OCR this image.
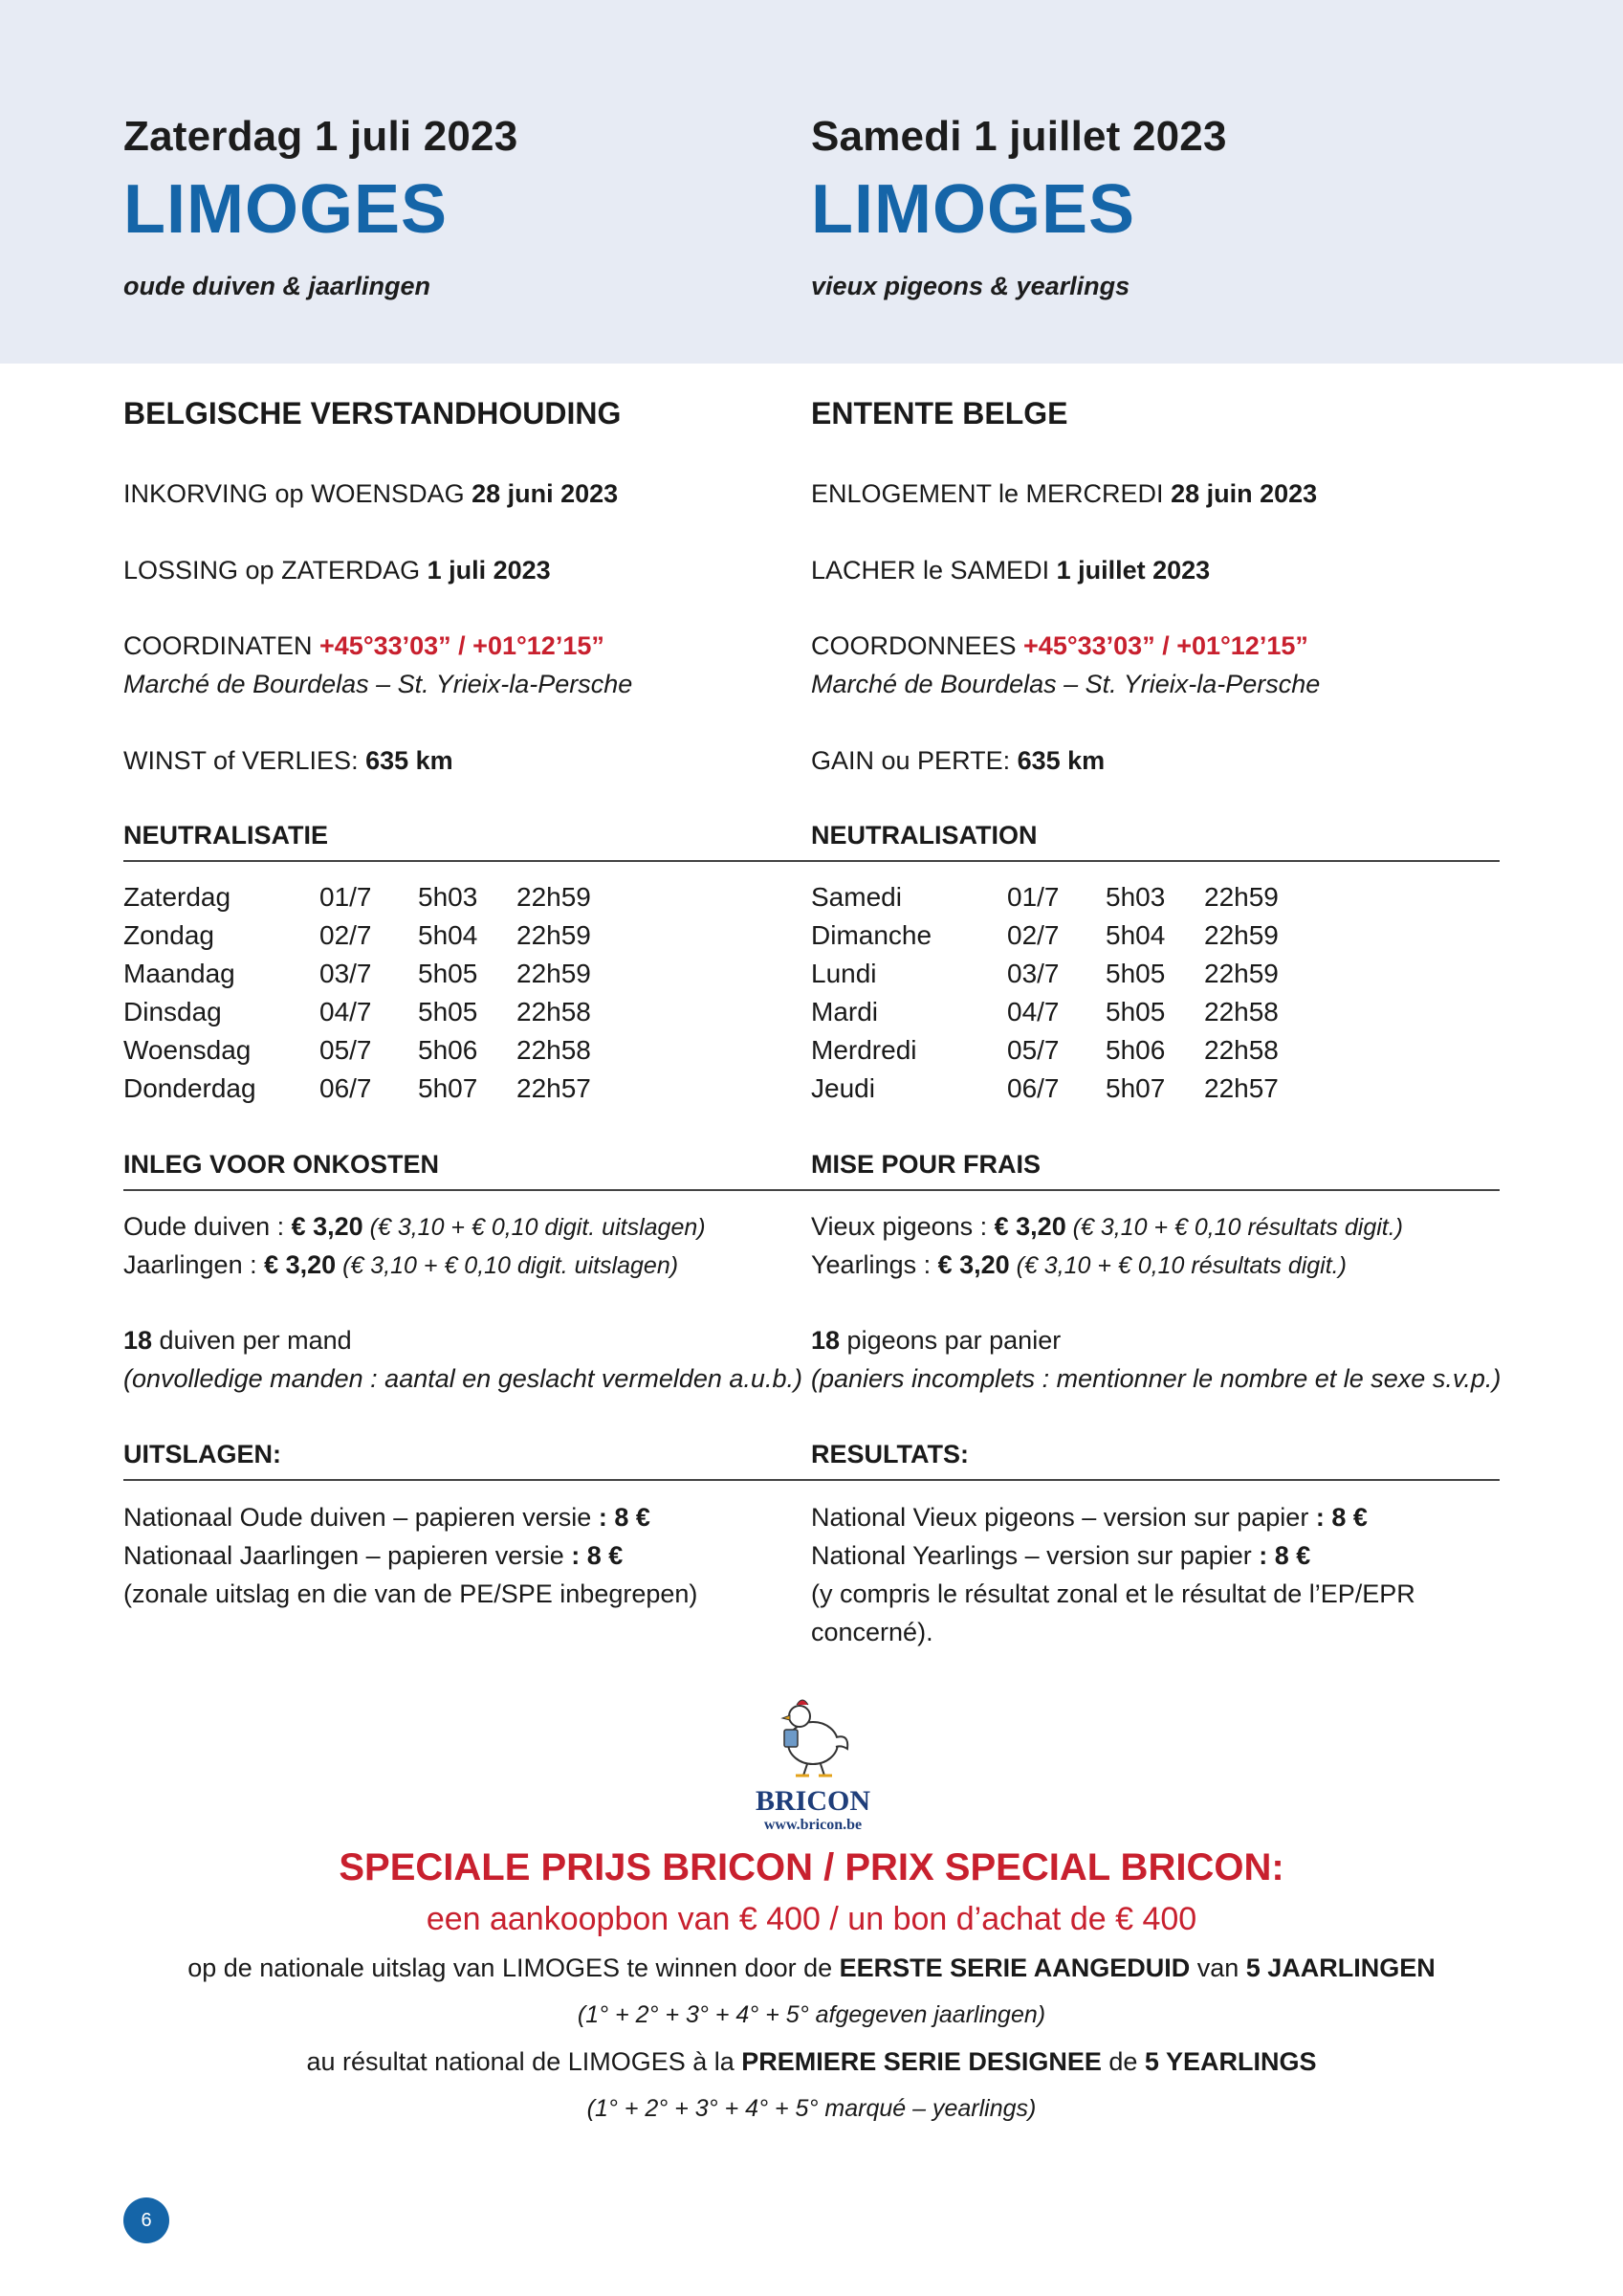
Zaterdag 1 juli 2023
LIMOGES
oude duiven & jaarlingen
Samedi 1 juillet 2023
LIMOGES
vieux pigeons & yearlings
BELGISCHE VERSTANDHOUDING
INKORVING op WOENSDAG 28 juni 2023
LOSSING op ZATERDAG 1 juli 2023
COORDINATEN +45°33’03” / +01°12’15”
Marché de Bourdelas – St. Yrieix-la-Persche
WINST of VERLIES: 635 km
NEUTRALISATIE
Zaterdag	01/7 5h03 22h59
Zondag	02/7 5h04 22h59
Maandag	03/7 5h05 22h59
Dinsdag	04/7 5h05 22h58
Woensdag	05/7 5h06 22h58
Donderdag 06/7 5h07 22h57
INLEG VOOR ONKOSTEN
Oude duiven : € 3,20 (€ 3,10 + € 0,10 digit. uitslagen)
Jaarlingen : € 3,20 (€ 3,10 + € 0,10 digit. uitslagen)
18 duiven per mand
(onvolledige manden : aantal en geslacht vermelden a.u.b.)
UITSLAGEN:
Nationaal Oude duiven – papieren versie : 8 €
Nationaal Jaarlingen – papieren versie : 8 €
(zonale uitslag en die van de PE/SPE inbegrepen)
ENTENTE BELGE
ENLOGEMENT le MERCREDI 28 juin 2023
LACHER le SAMEDI 1 juillet 2023
COORDONNEES +45°33’03” / +01°12’15”
Marché de Bourdelas – St. Yrieix-la-Persche
GAIN ou PERTE: 635 km
NEUTRALISATION
Samedi	01/7 5h03 22h59
Dimanche	02/7 5h04 22h59
Lundi	03/7 5h05 22h59
Mardi	04/7 5h05 22h58
Merdredi	05/7 5h06 22h58
Jeudi	06/7 5h07 22h57
MISE POUR FRAIS
Vieux pigeons : € 3,20 (€ 3,10 + € 0,10 résultats digit.)
Yearlings : € 3,20 (€ 3,10 + € 0,10 résultats digit.)
18 pigeons par panier
(paniers incomplets : mentionner le nombre et le sexe s.v.p.)
RESULTATS:
National Vieux pigeons – version sur papier : 8 €
National Yearlings – version sur papier : 8 €
(y compris le résultat zonal et le résultat de l’EP/EPR
concerné).
BRICON
www.bricon.be
SPECIALE PRIJS BRICON / PRIX SPECIAL BRICON:
een aankoopbon van € 400 / un bon d’achat de € 400
op de nationale uitslag van LIMOGES te winnen door de EERSTE SERIE AANGEDUID van 5 JAARLINGEN
(1° + 2° + 3° + 4° + 5° afgegeven jaarlingen)
au résultat national de LIMOGES à la PREMIERE SERIE DESIGNEE de 5 YEARLINGS
(1° + 2° + 3° + 4° + 5° marqué – yearlings)
6
